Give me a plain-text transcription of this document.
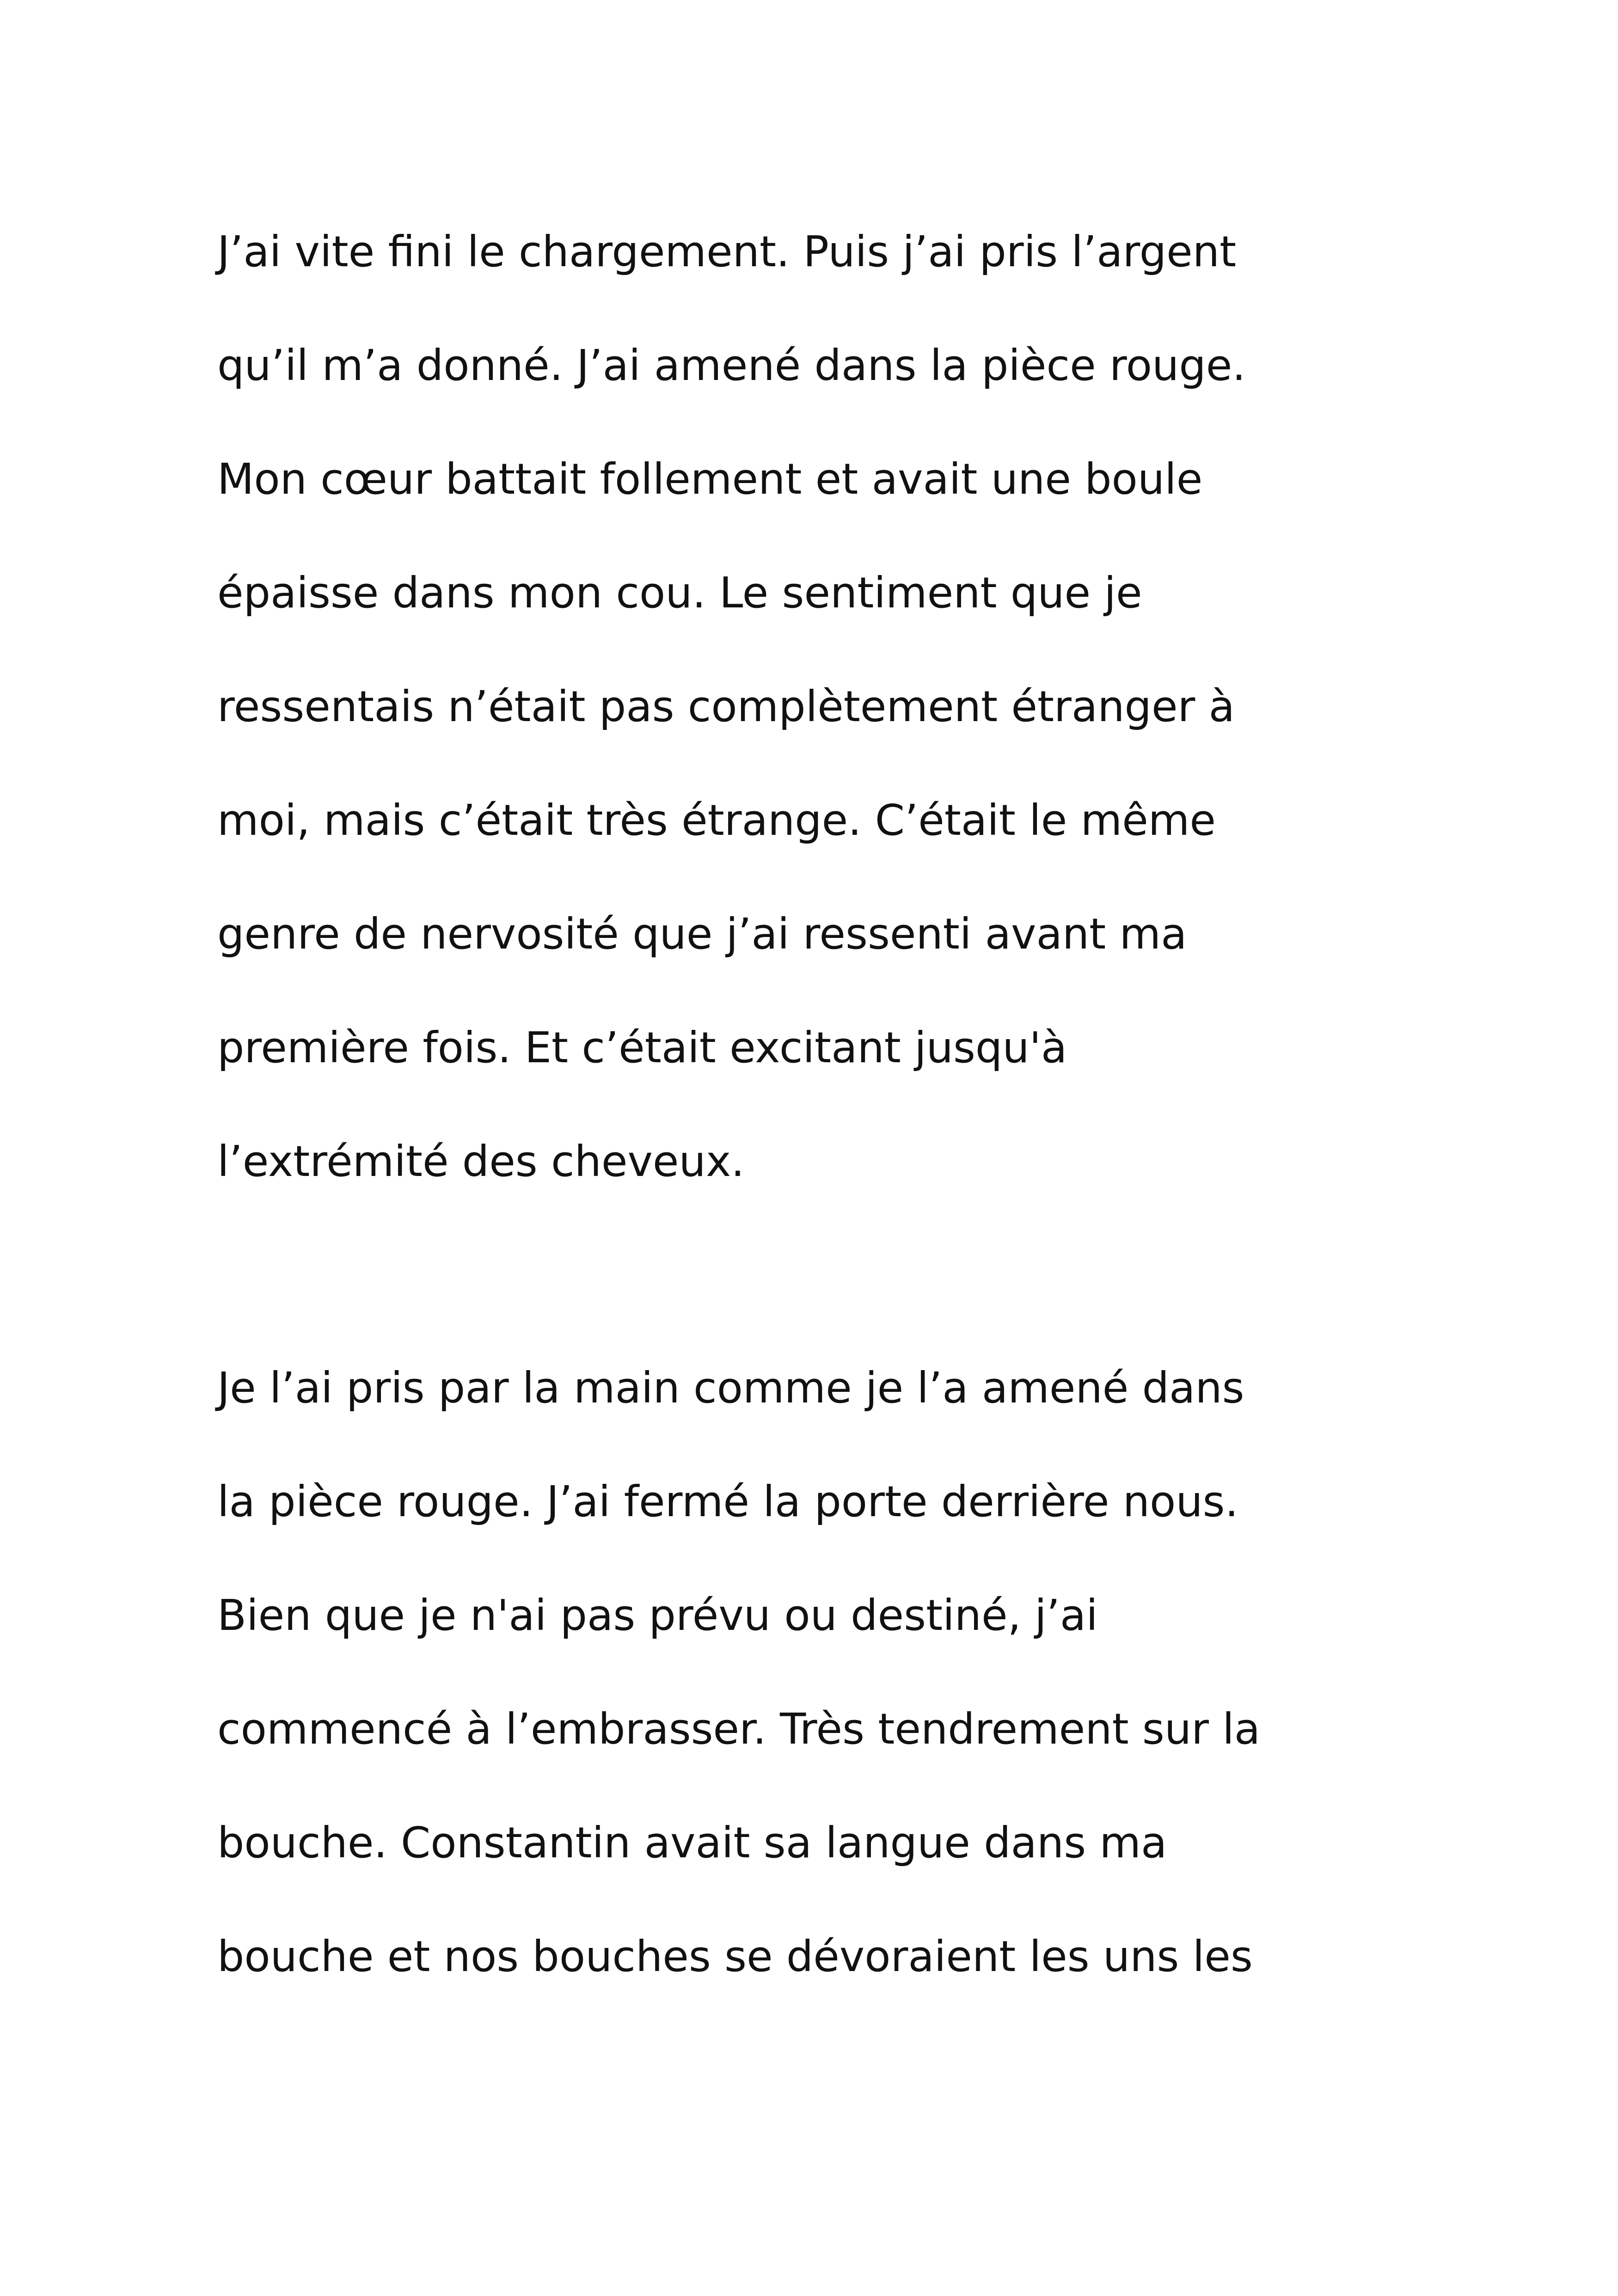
J’ai vite fini le chargement. Puis j’ai pris l’argent

qu’il m’a donné. J’ai amené dans la pièce rouge.

Mon cœur battait follement et avait une boule

épaisse dans mon cou. Le sentiment que je

ressentais n’était pas complètement étranger à

moi, mais c’était très étrange. C’était le même

genre de nervosité que j’ai ressenti avant ma

première fois. Et c’était excitant jusqu'à

l’extrémité des cheveux.

Je l’ai pris par la main comme je l’a amené dans

la pièce rouge. J’ai fermé la porte derrière nous.

Bien que je n'ai pas prévu ou destiné, j’ai

commencé à l’embrasser. Très tendrement sur la

bouche. Constantin avait sa langue dans ma

bouche et nos bouches se dévoraient les uns les
